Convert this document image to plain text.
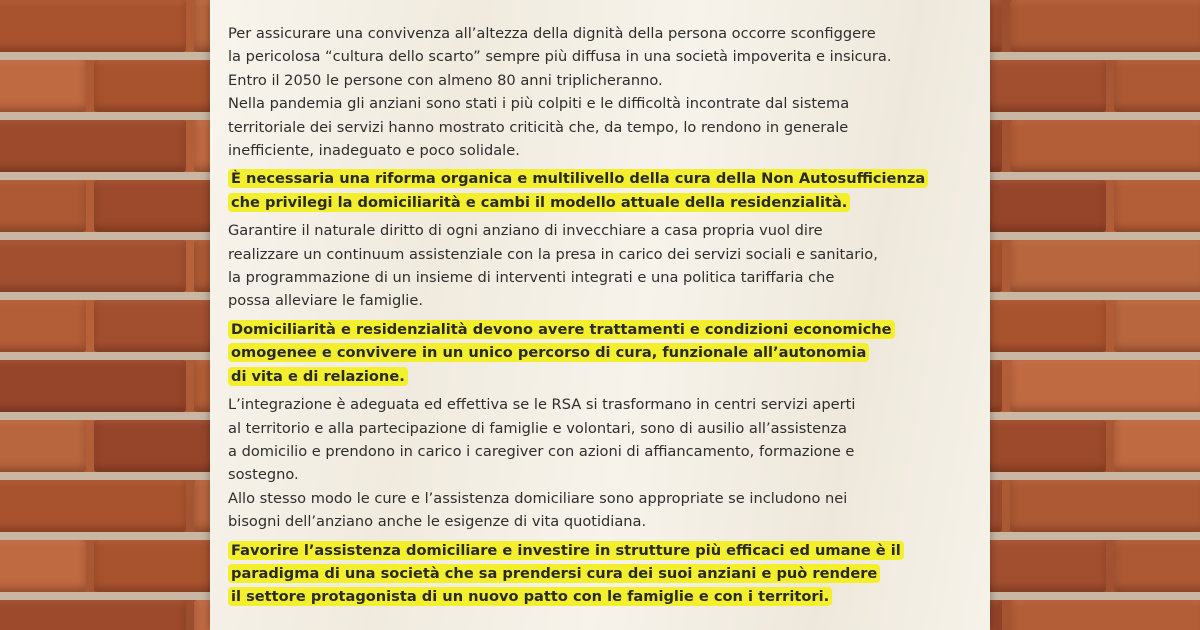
Per assicurare una convivenza all’altezza della dignità della persona occorre sconfiggere
la pericolosa “cultura dello scarto” sempre più diffusa in una società impoverita e insicura.
Entro il 2050 le persone con almeno 80 anni triplicheranno.
Nella pandemia gli anziani sono stati i più colpiti e le difficoltà incontrate dal sistema
territoriale dei servizi hanno mostrato criticità che, da tempo, lo rendono in generale
inefficiente, inadeguato e poco solidale.

È necessaria una riforma organica e multilivello della cura della Non Autosufficienza
che privilegi la domiciliarità e cambi il modello attuale della residenzialità.

Garantire il naturale diritto di ogni anziano di invecchiare a casa propria vuol dire
realizzare un continuum assistenziale con la presa in carico dei servizi sociali e sanitario,
la programmazione di un insieme di interventi integrati e una politica tariffaria che
possa alleviare le famiglie.

Domiciliarità e residenzialità devono avere trattamenti e condizioni economiche
omogenee e convivere in un unico percorso di cura, funzionale all’autonomia
di vita e di relazione.

L’integrazione è adeguata ed effettiva se le RSA si trasformano in centri servizi aperti
al territorio e alla partecipazione di famiglie e volontari, sono di ausilio all’assistenza
a domicilio e prendono in carico i caregiver con azioni di affiancamento, formazione e
sostegno.
Allo stesso modo le cure e l’assistenza domiciliare sono appropriate se includono nei
bisogni dell’anziano anche le esigenze di vita quotidiana.

Favorire l’assistenza domiciliare e investire in strutture più efficaci ed umane è il
paradigma di una società che sa prendersi cura dei suoi anziani e può rendere
il settore protagonista di un nuovo patto con le famiglie e con i territori.
